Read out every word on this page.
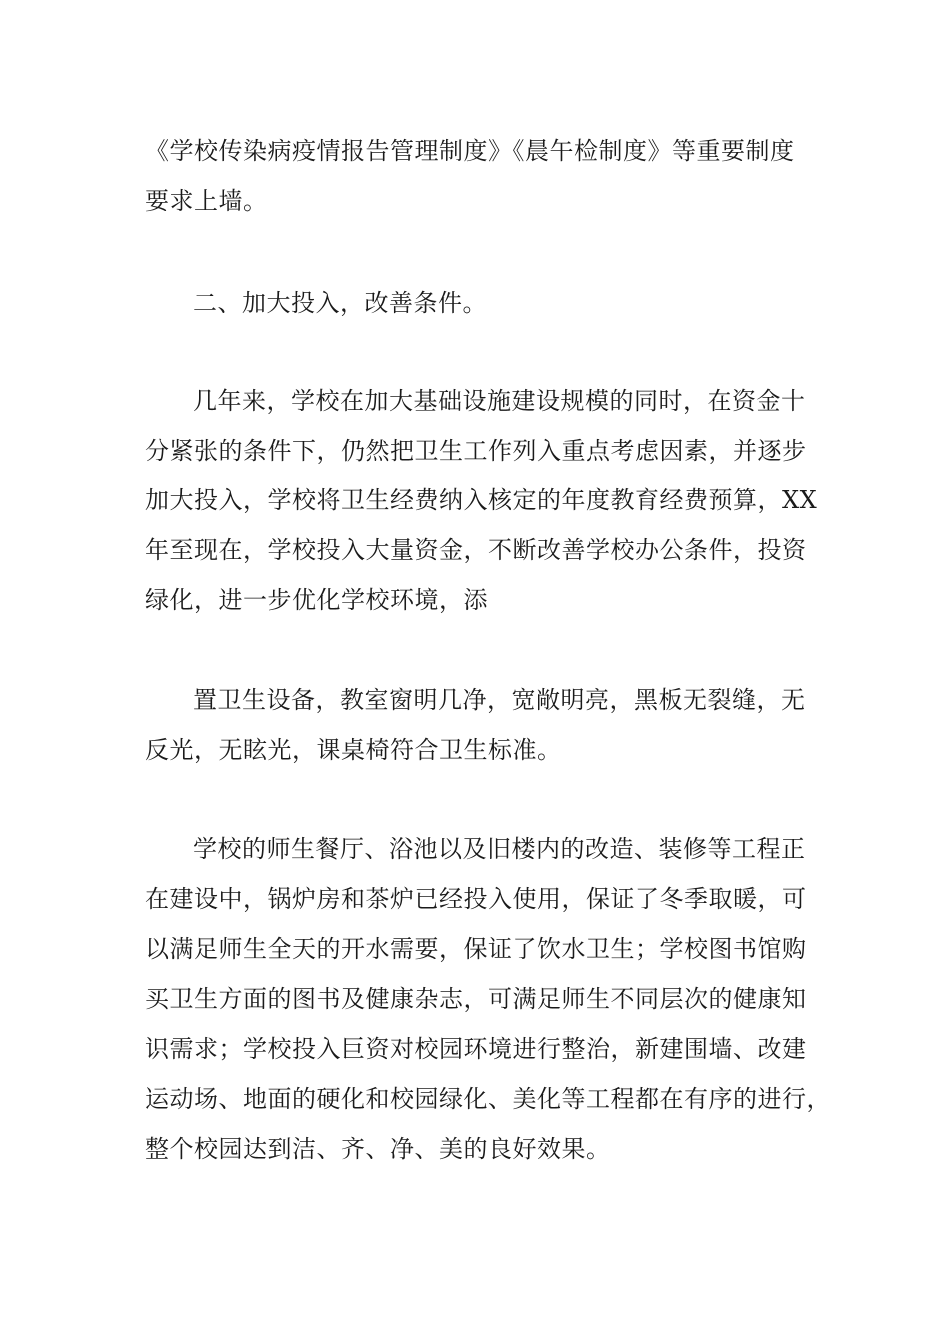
《学校传染病疫情报告管理制度》《晨午检制度》等重要制度
要求上墙。
二、加大投入，改善条件。
几年来，学校在加大基础设施建设规模的同时，在资金十
分紧张的条件下，仍然把卫生工作列入重点考虑因素，并逐步
加大投入，学校将卫生经费纳入核定的年度教育经费预算，XX
年至现在，学校投入大量资金，不断改善学校办公条件，投资
绿化，进一步优化学校环境，添
置卫生设备，教室窗明几净，宽敞明亮，黑板无裂缝，无
反光，无眩光，课桌椅符合卫生标准。
学校的师生餐厅、浴池以及旧楼内的改造、装修等工程正
在建设中，锅炉房和茶炉已经投入使用，保证了冬季取暖，可
以满足师生全天的开水需要，保证了饮水卫生；学校图书馆购
买卫生方面的图书及健康杂志，可满足师生不同层次的健康知
识需求；学校投入巨资对校园环境进行整治，新建围墙、改建
运动场、地面的硬化和校园绿化、美化等工程都在有序的进行，
整个校园达到洁、齐、净、美的良好效果。
